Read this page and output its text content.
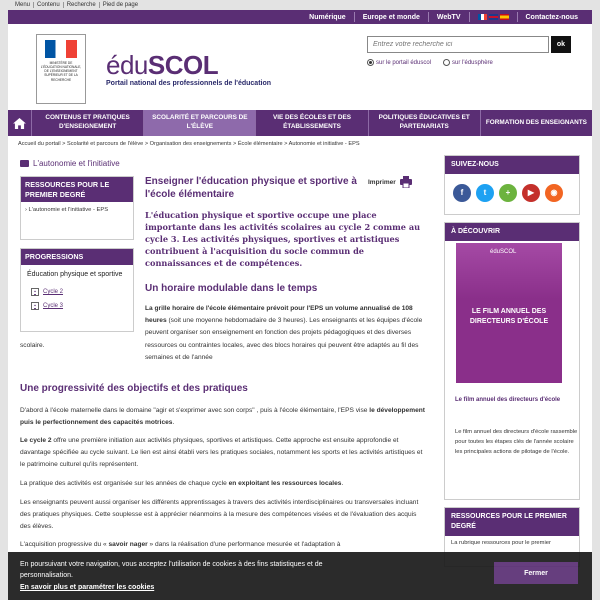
Menu	Contenu	Recherche	Pied de page
Numérique	Europe et monde	WebTV	Contactez-nous
MINISTÈRE DE L'ÉDUCATION NATIONALE, DE L'ENSEIGNEMENT SUPÉRIEUR ET DE LA RECHERCHE	éduSCOL
Portail national des professionnels de l'éducation
Entrez votre recherche ici
ok
sur le portail éduscol	sur l'édusphère
CONTENUS ET PRATIQUES D'ENSEIGNEMENT
SCOLARITÉ ET PARCOURS DE L'ÉLÈVE
VIE DES ÉCOLES ET DES ÉTABLISSEMENTS
POLITIQUES ÉDUCATIVES ET PARTENARIATS
FORMATION DES ENSEIGNANTS
Accueil du portail > Scolarité et parcours de l'élève > Organisation des enseignements > École élémentaire > Autonomie et initiative - EPS
L'autonomie et l'initiative
RESSOURCES POUR LE PREMIER DEGRÉ
› L'autonomie et l'initiative - EPS
PROGRESSIONS
Éducation physique et sportive
▪	Cycle 2
▪	Cycle 3
Enseigner l'éducation physique et sportive à l'école élémentaire
Imprimer
L'éducation physique et sportive occupe une place importante dans les activités scolaires au cycle 2 comme au cycle 3. Les activités physiques, sportives et artistiques contribuent à l'acquisition du socle commun de connaissances et de compétences.
Un horaire modulable dans le temps
La grille horaire de l'école élémentaire prévoit pour l'EPS un volume annualisé de 108 heures (soit une moyenne hebdomadaire de 3 heures). Les enseignants et les équipes d'école peuvent organiser son enseignement en fonction des projets pédagogiques et des diverses ressources ou contraintes locales, avec des blocs horaires qui peuvent être adaptés au fil des semaines et de l'année
scolaire.
Une progressivité des objectifs et des pratiques
D'abord à l'école maternelle dans le domaine "agir et s'exprimer avec son corps" , puis à l'école élémentaire, l'EPS vise le développement puis le perfectionnement des capacités motrices.
Le cycle 2 offre une première initiation aux activités physiques, sportives et artistiques. Cette approche est ensuite approfondie et davantage spécifiée au cycle suivant. Le lien est ainsi établi vers les pratiques sociales, notamment les sports et les activités artistiques et le patrimoine culturel qu'ils représentent.
La pratique des activités est organisée sur les années de chaque cycle en exploitant les ressources locales.
Les enseignants peuvent aussi organiser les différents apprentissages à travers des activités interdisciplinaires ou transversales incluant des pratiques physiques. Cette souplesse est à apprécier néanmoins à la mesure des compétences visées et de l'évaluation des acquis des élèves.
L'acquisition progressive du « savoir nager » dans la réalisation d'une performance mesurée et l'adaptation à
SUIVEZ-NOUS
f	t	+	▶	◉
À DÉCOUVRIR
éduSCOL
LE FILM ANNUEL DES DIRECTEURS D'ÉCOLE
Le film annuel des directeurs d'école
Le film annuel des directeurs d'école rassemble pour toutes les étapes clés de l'année scolaire les principales actions de pilotage de l'école.
RESSOURCES POUR LE PREMIER DEGRÉ
La rubrique ressources pour le premier
En poursuivant votre navigation, vous acceptez l'utilisation de cookies à des fins statistiques et de personnalisation.
En savoir plus et paramétrer les cookies
Fermer
